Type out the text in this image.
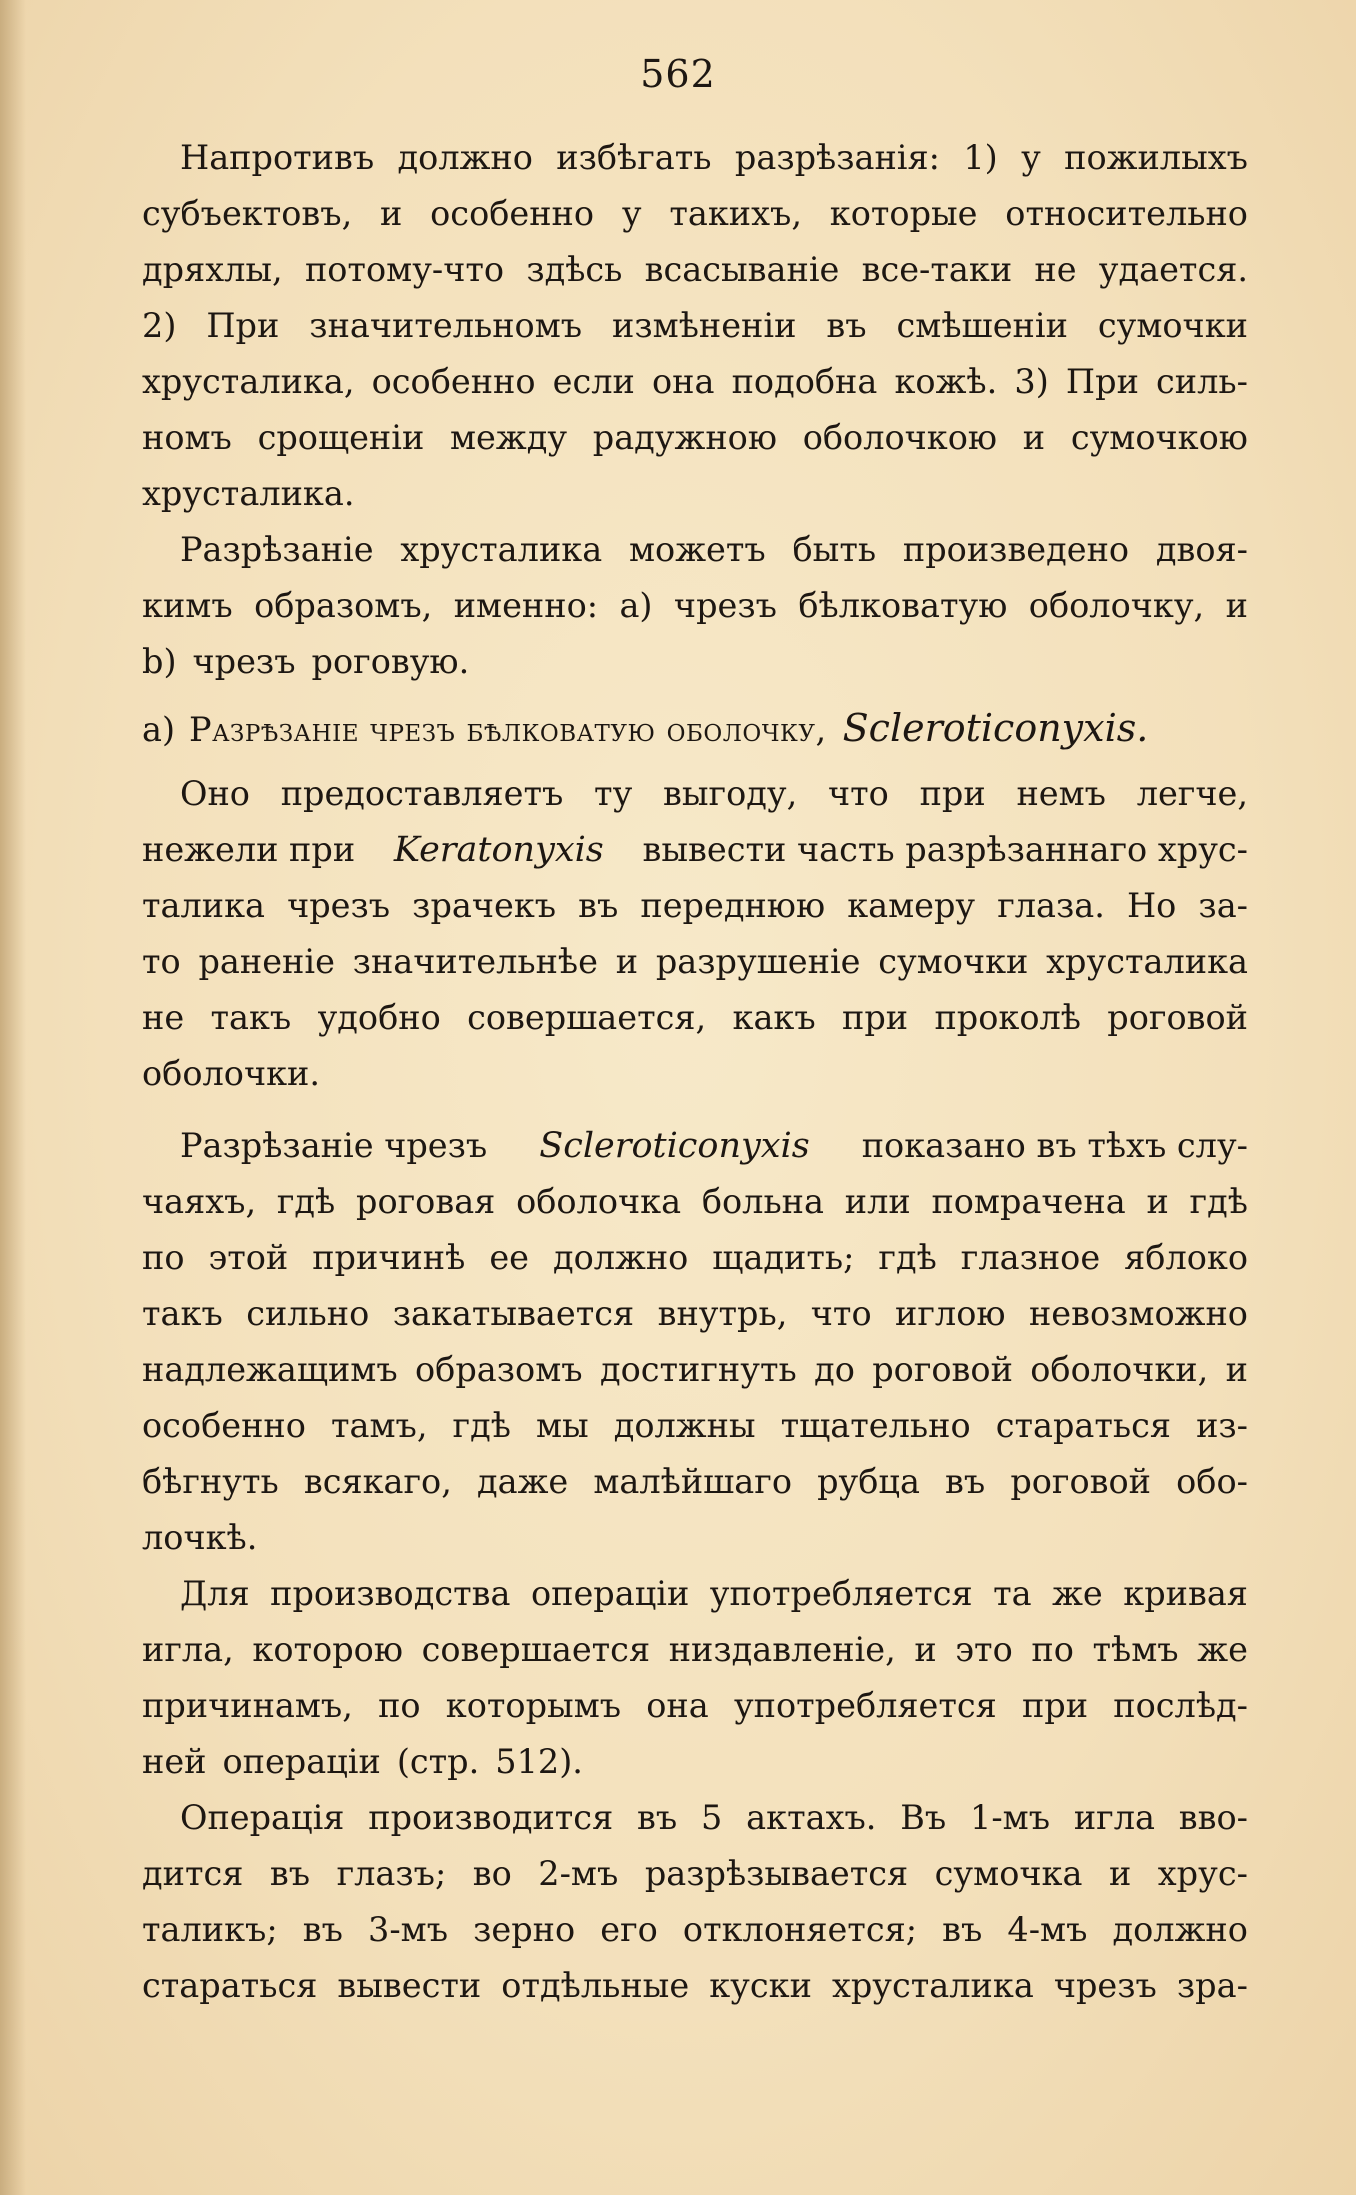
562
Напротивъ должно избѣгать разрѣзанія: 1) у пожилыхъ
субъектовъ, и особенно у такихъ, которые относительно
дряхлы, потому-что здѣсь всасываніе все-таки не удается.
2) При значительномъ измѣненіи въ смѣшеніи сумочки
хрусталика, особенно если она подобна кожѣ. 3) При силь-
номъ срощеніи между радужною оболочкою и сумочкою
хрусталика.
Разрѣзаніе хрусталика можетъ быть произведено двоя-
кимъ образомъ, именно: a) чрезъ бѣлковатую оболочку, и
b) чрезъ роговую.
a) Разрѣзаніе чрезъ бѣлковатую оболочку, Scleroticonyxis.
Оно предоставляетъ ту выгоду, что при немъ легче,
нежели при Keratonyxis вывести часть разрѣзаннаго хрус-
талика чрезъ зрачекъ въ переднюю камеру глаза. Но за-
то раненіе значительнѣе и разрушеніе сумочки хрусталика
не такъ удобно совершается, какъ при проколѣ роговой
оболочки.
Разрѣзаніе чрезъ Scleroticonyxis показано въ тѣхъ слу-
чаяхъ, гдѣ роговая оболочка больна или помрачена и гдѣ
по этой причинѣ ее должно щадить; гдѣ глазное яблоко
такъ сильно закатывается внутрь, что иглою невозможно
надлежащимъ образомъ достигнуть до роговой оболочки, и
особенно тамъ, гдѣ мы должны тщательно стараться из-
бѣгнуть всякаго, даже малѣйшаго рубца въ роговой обо-
лочкѣ.
Для производства операціи употребляется та же кривая
игла, которою совершается низдавленіе, и это по тѣмъ же
причинамъ, по которымъ она употребляется при послѣд-
ней операціи (стр. 512).
Операція производится въ 5 актахъ. Въ 1-мъ игла вво-
дится въ глазъ; во 2-мъ разрѣзывается сумочка и хрус-
таликъ; въ 3-мъ зерно его отклоняется; въ 4-мъ должно
стараться вывести отдѣльные куски хрусталика чрезъ зра-
